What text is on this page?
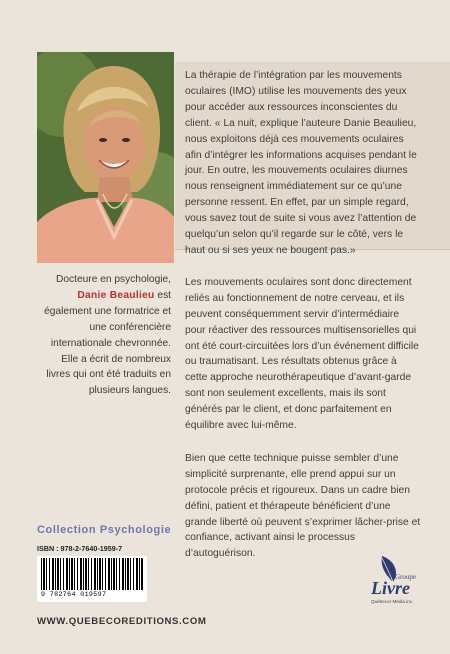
Docteure en psychologie, Danie Beaulieu est également une formatrice et une conférencière internationale chevronnée. Elle a écrit de nombreux livres qui ont été traduits en plusieurs langues.

La thérapie de l’intégration par les mouvements oculaires (IMO) utilise les mouvements des yeux pour accéder aux ressources inconscientes du client. « La nuit, explique l’auteure Danie Beaulieu, nous exploitons déjà ces mouvements oculaires afin d’intégrer les informations acquises pendant le jour. En outre, les mouvements oculaires diurnes nous renseignent immédiatement sur ce qu’une personne ressent. En effet, par un simple regard, vous savez tout de suite si vous avez l’attention de quelqu’un selon qu’il regarde sur le côté, vers le haut ou si ses yeux ne bougent pas.»

Les mouvements oculaires sont donc directement reliés au fonctionnement de notre cerveau, et ils peuvent conséquemment servir d’intermédiaire pour réactiver des ressources multisensorielles qui ont été court-circuitées lors d’un événement difficile ou traumatisant. Les résultats obtenus grâce à cette approche neurothérapeutique d’avant-garde sont non seulement excellents, mais ils sont générés par le client, et donc parfaitement en équilibre avec lui-même.

Bien que cette technique puisse sembler d’une simplicité surprenante, elle prend appui sur un protocole précis et rigoureux. Dans un cadre bien défini, patient et thérapeute bénéficient d’une grande liberté où peuvent s’exprimer lâcher-prise et confiance, activant ainsi le processus d’autoguérison.

Collection Psychologie
ISBN : 978-2-7640-1959-7
9 782764 019597
WWW.QUEBECOREDITIONS.COM
Groupe
Livre
Québecor Média inc.
